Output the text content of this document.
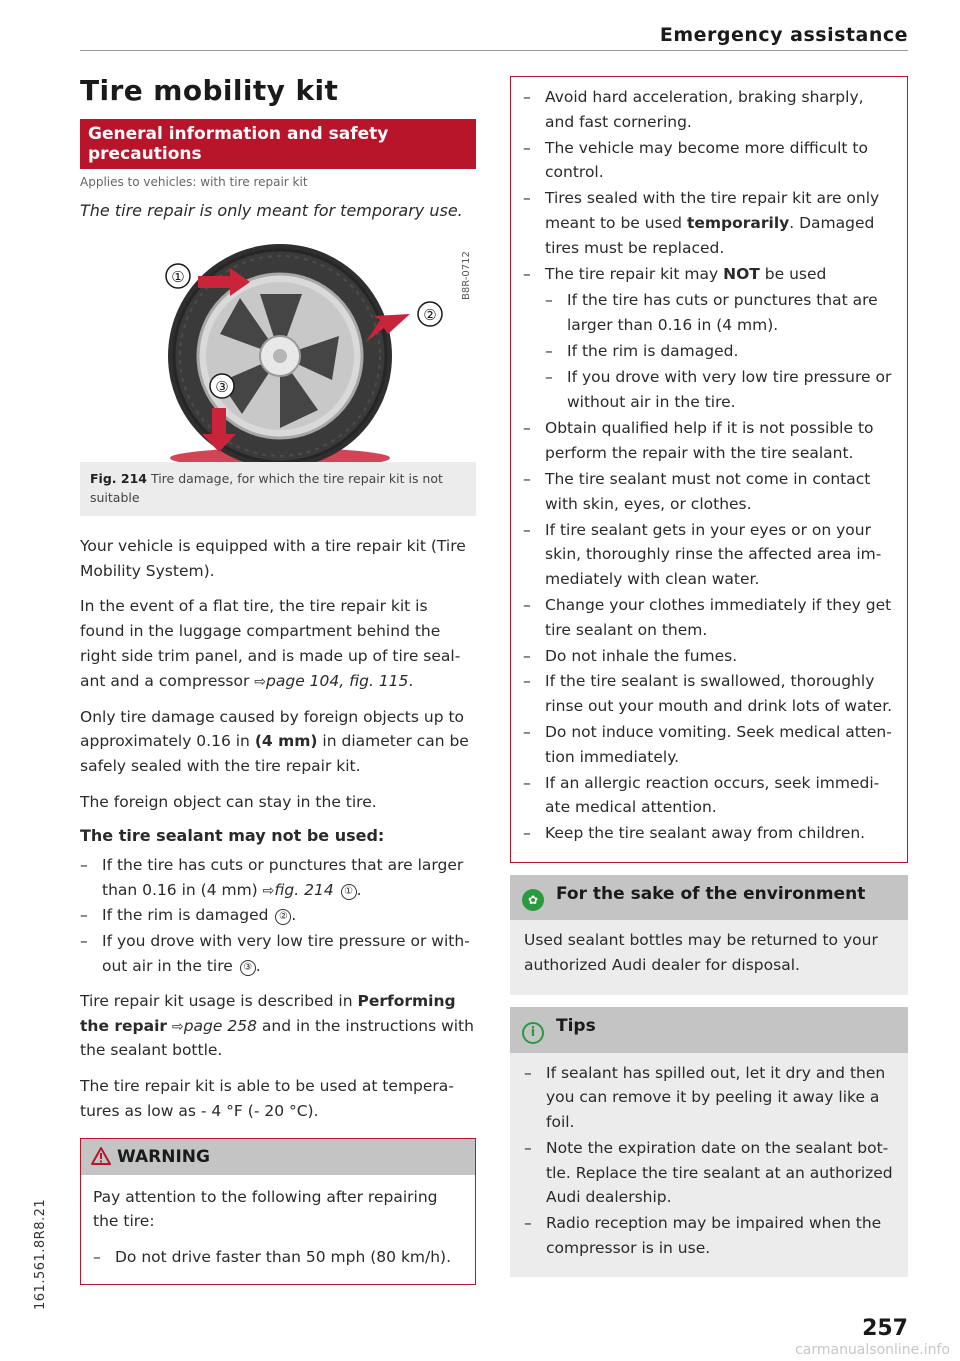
Emergency assistance
Tire mobility kit
General information and safety precautions
Applies to vehicles: with tire repair kit
The tire repair is only meant for temporary use.
①
②
③
B8R-0712
Fig. 214 Tire damage, for which the tire repair kit is not suitable

Your vehicle is equipped with a tire repair kit (Tire Mobility System).

In the event of a flat tire, the tire repair kit is found in the luggage compartment behind the right side trim panel, and is made up of tire sealant and a compressor ⇨page 104, fig. 115.

Only tire damage caused by foreign objects up to approximately 0.16 in (4 mm) in diameter can be safely sealed with the tire repair kit.

The foreign object can stay in the tire.

The tire sealant may not be used:
– If the tire has cuts or punctures that are larger than 0.16 in (4 mm) ⇨fig. 214 ① .
– If the rim is damaged ② .
– If you drove with very low tire pressure or without air in the tire ③ .

Tire repair kit usage is described in Performing the repair ⇨page 258 and in the instructions with the sealant bottle.

The tire repair kit is able to be used at temperatures as low as - 4 °F (- 20 °C).

WARNING

Pay attention to the following after repairing the tire:

– Do not drive faster than 50 mph (80 km/h).
– Avoid hard acceleration, braking sharply, and fast cornering.
– The vehicle may become more difficult to control.
– Tires sealed with the tire repair kit are only meant to be used temporarily. Damaged tires must be replaced.
– The tire repair kit may NOT be used
– If the tire has cuts or punctures that are larger than 0.16 in (4 mm).
– If the rim is damaged.
– If you drove with very low tire pressure or without air in the tire.
– Obtain qualified help if it is not possible to perform the repair with the tire sealant.
– The tire sealant must not come in contact with skin, eyes, or clothes.
– If tire sealant gets in your eyes or on your skin, thoroughly rinse the affected area immediately with clean water.
– Change your clothes immediately if they get tire sealant on them.
– Do not inhale the fumes.
– If the tire sealant is swallowed, thoroughly rinse out your mouth and drink lots of water.
– Do not induce vomiting. Seek medical attention immediately.
– If an allergic reaction occurs, seek immediate medical attention.
– Keep the tire sealant away from children.
✿ For the sake of the environment

Used sealant bottles may be returned to your authorized Audi dealer for disposal.

i Tips
– If sealant has spilled out, let it dry and then you can remove it by peeling it away like a foil.
– Note the expiration date on the sealant bottle. Replace the tire sealant at an authorized Audi dealership.
– Radio reception may be impaired when the compressor is in use.
161.561.8R8.21
257
carmanualsonline.info
